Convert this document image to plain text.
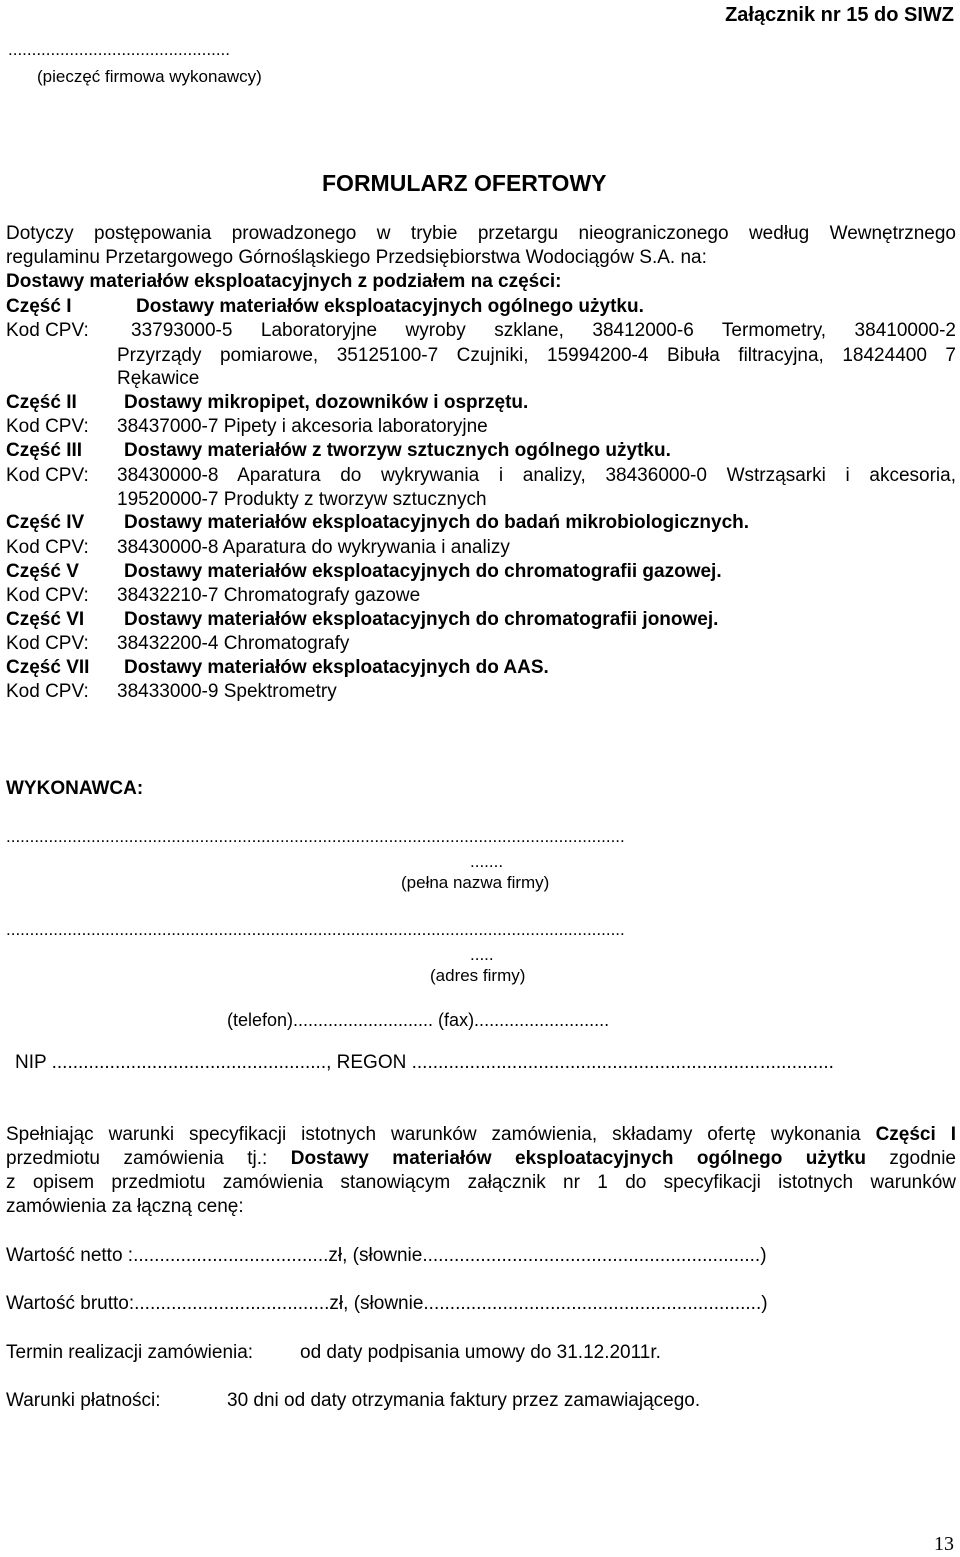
Załącznik nr 15 do SIWZ
...............................................
(pieczęć firmowa wykonawcy)
FORMULARZ OFERTOWY
Dotyczy postępowania prowadzonego w trybie przetargu nieograniczonego według Wewnętrznego
regulaminu Przetargowego Górnośląskiego Przedsiębiorstwa Wodociągów S.A. na:
Dostawy materiałów eksploatacyjnych z podziałem na części:
Część I	Dostawy materiałów eksploatacyjnych ogólnego użytku.
Kod CPV: 33793000-5 Laboratoryjne wyroby szklane, 38412000-6 Termometry, 38410000-2
Przyrządy pomiarowe, 35125100-7 Czujniki, 15994200-4 Bibuła filtracyjna, 18424400 7
Rękawice
Część II Dostawy mikropipet, dozowników i osprzętu.
Kod CPV: 38437000-7 Pipety i akcesoria laboratoryjne
Część III Dostawy materiałów z tworzyw sztucznych ogólnego użytku.
Kod CPV: 38430000-8 Aparatura do wykrywania i analizy, 38436000-0 Wstrząsarki i akcesoria,
19520000-7 Produkty z tworzyw sztucznych
Część IV Dostawy materiałów eksploatacyjnych do badań mikrobiologicznych.
Kod CPV: 38430000-8 Aparatura do wykrywania i analizy
Część V Dostawy materiałów eksploatacyjnych do chromatografii gazowej.
Kod CPV: 38432210-7 Chromatografy gazowe
Część VI Dostawy materiałów eksploatacyjnych do chromatografii jonowej.
Kod CPV: 38432200-4 Chromatografy
Część VII Dostawy materiałów eksploatacyjnych do AAS.
Kod CPV: 38433000-9 Spektrometry
WYKONAWCA:
...................................................................................................................................
.......
(pełna nazwa firmy)
...................................................................................................................................
.....
(adres firmy)
(telefon)............................ (fax)...........................
NIP ...................................................., REGON ................................................................................
Spełniając warunki specyfikacji istotnych warunków zamówienia, składamy ofertę wykonania Części I
przedmiotu zamówienia tj.: Dostawy materiałów eksploatacyjnych ogólnego użytku zgodnie
z opisem przedmiotu zamówienia stanowiącym załącznik nr 1 do specyfikacji istotnych warunków
zamówienia za łączną cenę:
Wartość netto :.....................................zł, (słownie................................................................)
Wartość brutto:.....................................zł, (słownie................................................................)
Termin realizacji zamówienia: od daty podpisania umowy do 31.12.2011r.
Warunki płatności:	30 dni od daty otrzymania faktury przez zamawiającego.
13
